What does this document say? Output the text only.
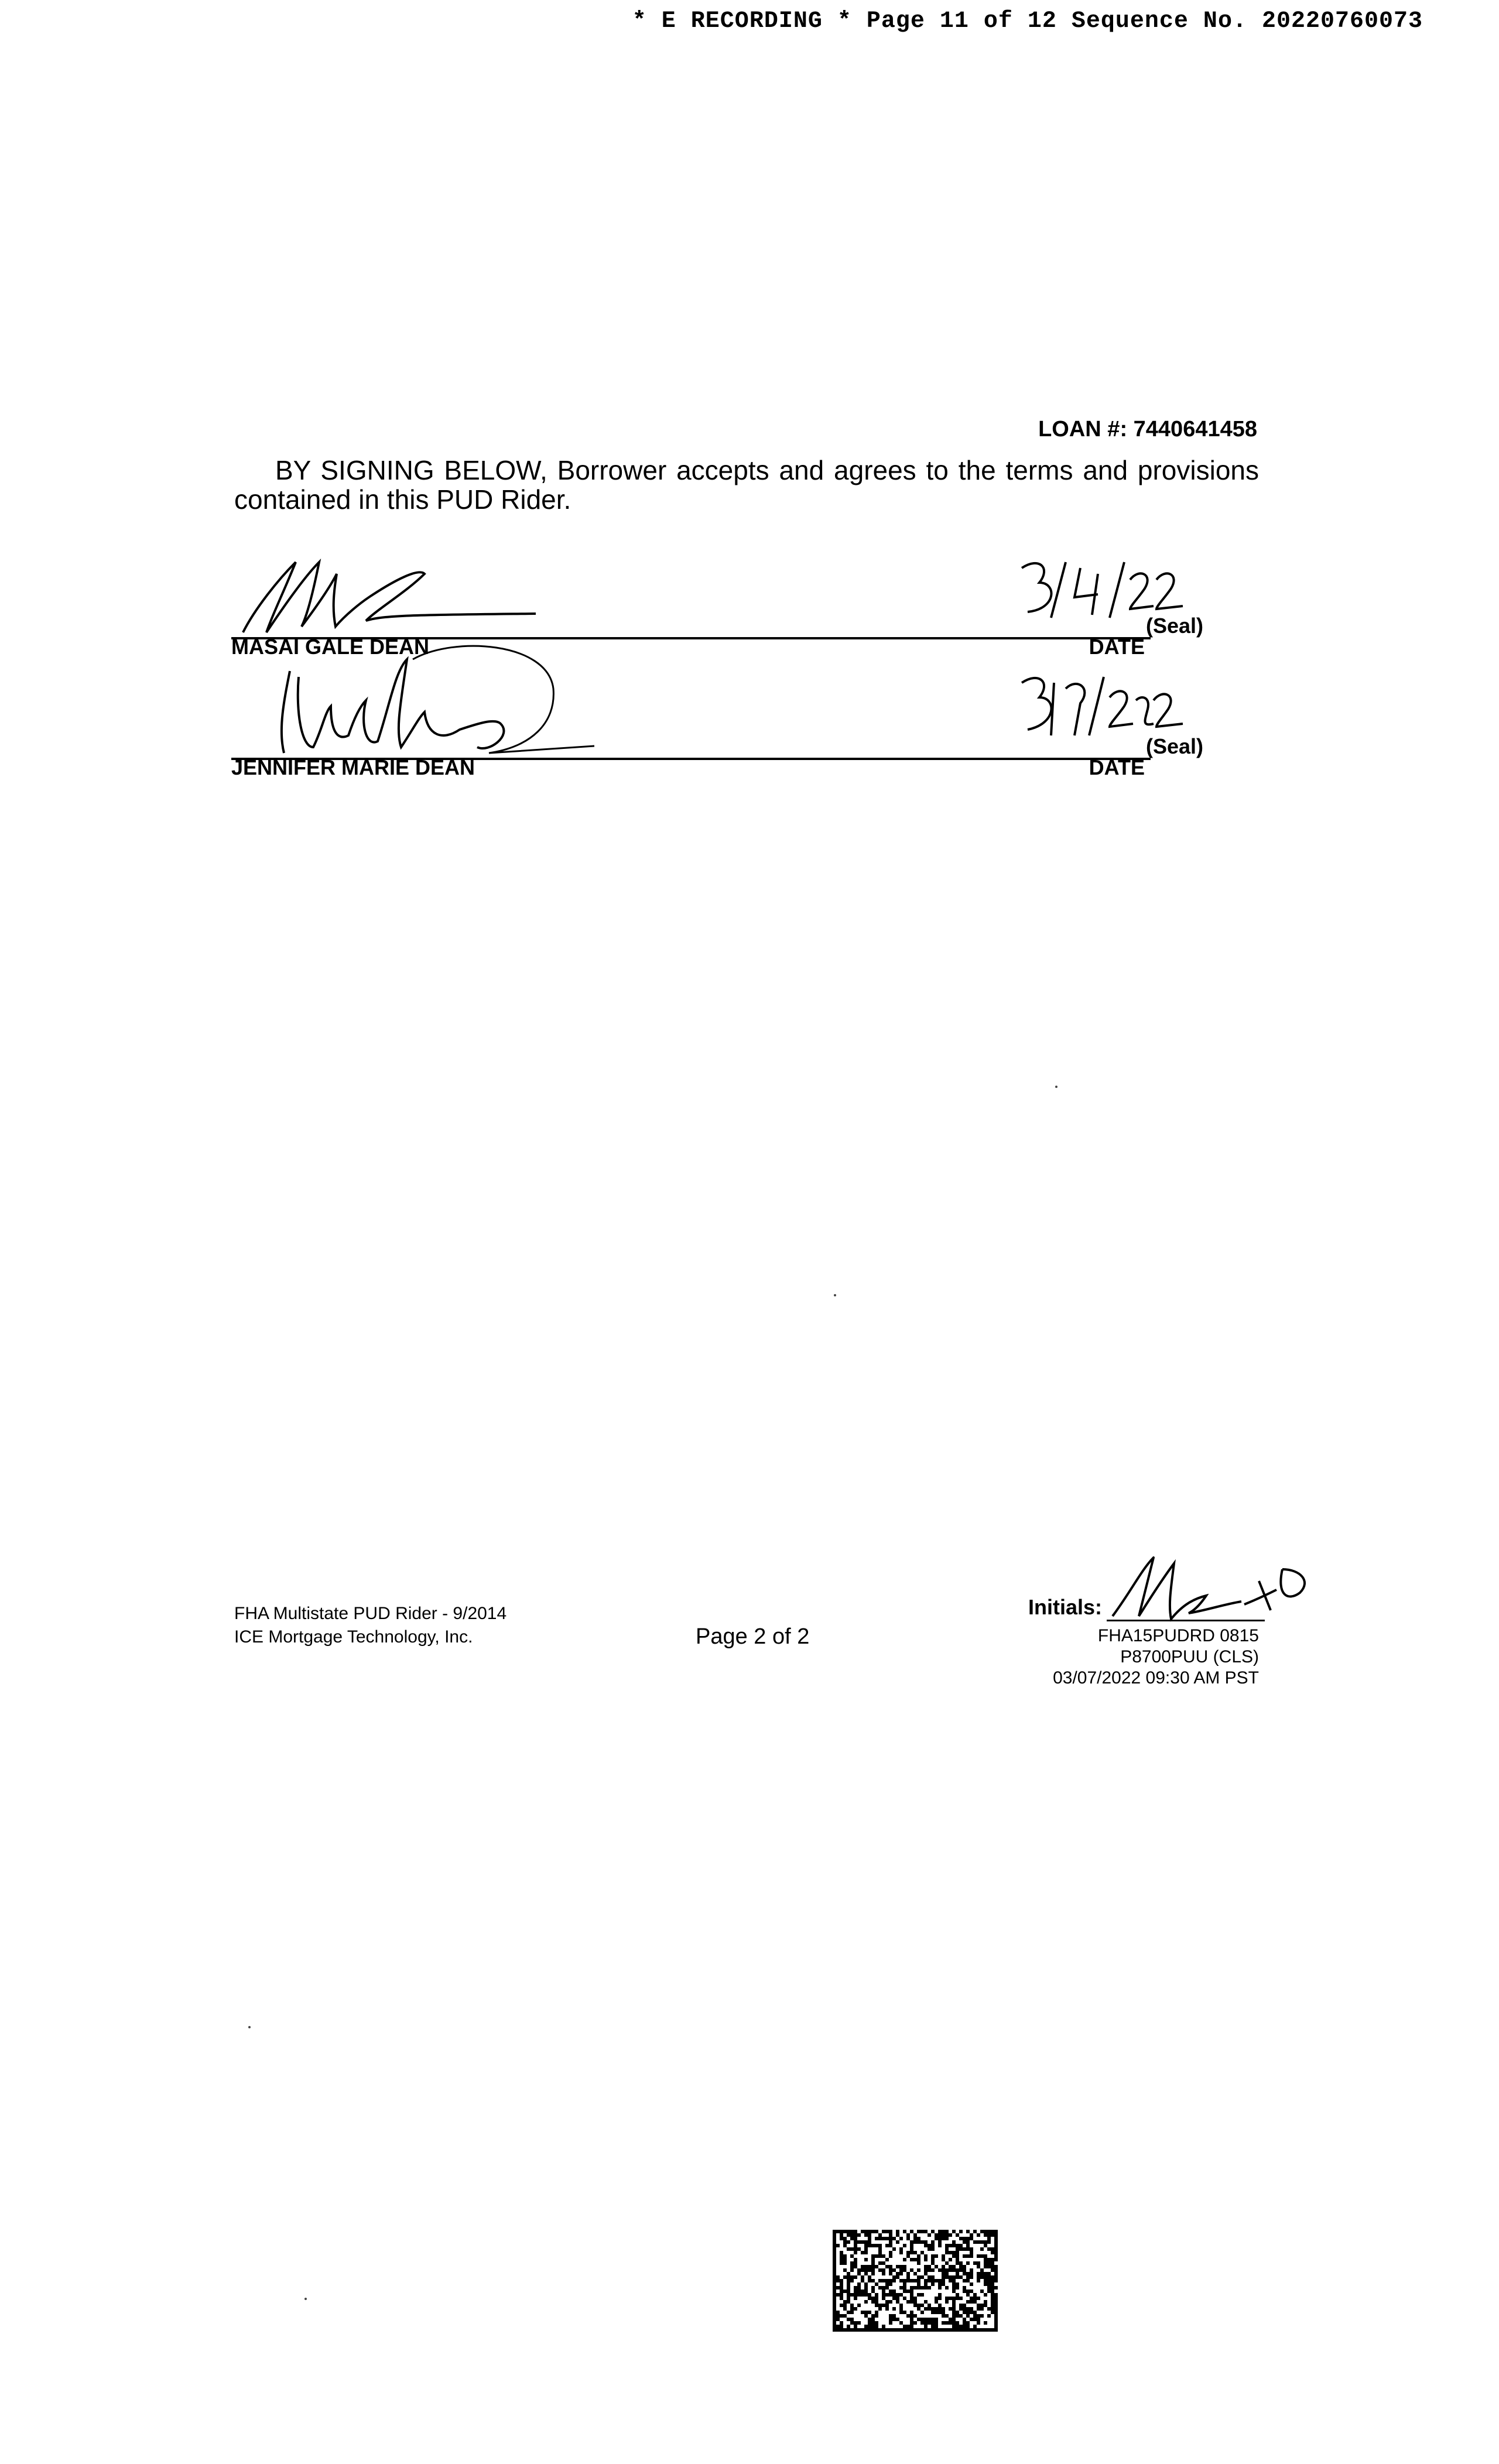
* E RECORDING * Page 11 of 12 Sequence No. 20220760073
LOAN #: 7440641458

BY SIGNING BELOW, Borrower accepts and agrees to the terms and provisions

contained in this PUD Rider.

(Seal)
MASAI GALE DEAN	DATE
(Seal)
JENNIFER MARIE DEAN	DATE
FHA Multistate PUD Rider - 9/2014
ICE Mortgage Technology, Inc.	Page 2 of 2
Initials:
FHA15PUDRD 0815
P8700PUU (CLS)
03/07/2022 09:30 AM PST
